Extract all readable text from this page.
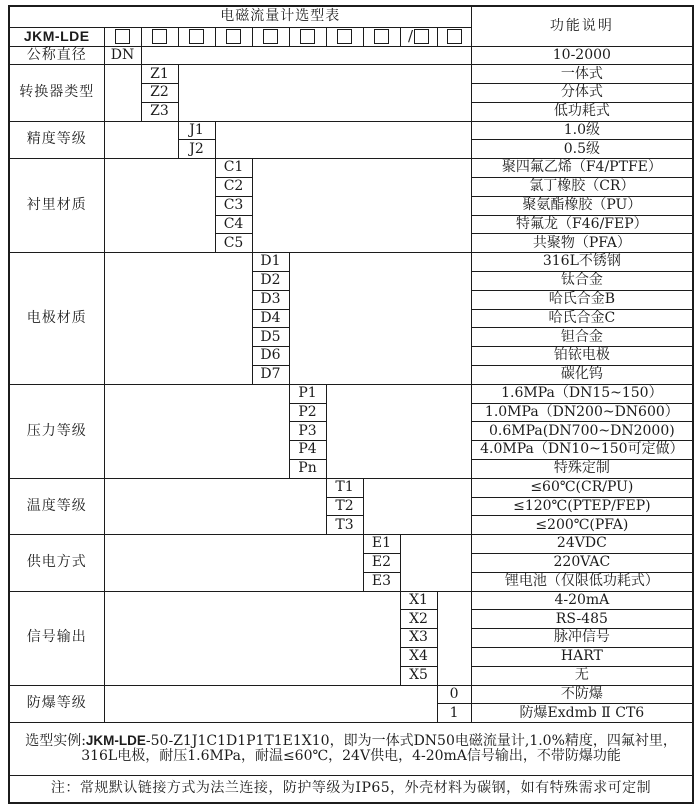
电磁流量计选型表											功能说明
JKM-LDE									/		
公称直径	DN										10-2000
转换器类型		Z1									一体式
		Z2									分体式
		Z3									低功耗式
精度等级			J1								1.0级
			J2								0.5级
衬里材质				C1							聚四氟乙烯（F4/PTFE）
				C2							氯丁橡胶（CR）
				C3							聚氨酯橡胶（PU）
				C4							特氟龙（F46/FEP）
				C5							共聚物（PFA）
电极材质					D1						316L不锈钢
					D2						钛合金
					D3						哈氏合金B
					D4						哈氏合金C
					D5						钽合金
					D6						铂铱电极
					D7						碳化钨
压力等级						P1					1.6MPa（DN15~150）
						P2					1.0MPa（DN200~DN600）
						P3					0.6MPa(DN700~DN2000)
						P4					4.0MPa（DN10~150可定做）
						Pn					特殊定制
温度等级							T1				≤60℃(CR/PU)
							T2				≤120℃(PTEP/FEP)
							T3				≤200℃(PFA)
供电方式								E1			24VDC
								E2			220VAC
								E3			锂电池（仅限低功耗式）
信号输出									X1		4-20mA
									X2		RS-485
									X3		脉冲信号
									X4		HART
									X5		无
防爆等级										0	不防爆
										1	防爆Exdmb Ⅱ CT6
选型实例:JKM-LDE-50-Z1J1C1D1P1T1E1X10，即为一体式DN50电磁流量计,1.0%精度，四氟衬里，
316L电极，耐压1.6MPa，耐温≤60℃，24V供电，4-20mA信号输出，不带防爆功能											

注：常规默认链接方式为法兰连接，防护等级为IP65，外壳材料为碳钢，如有特殊需求可定制											
